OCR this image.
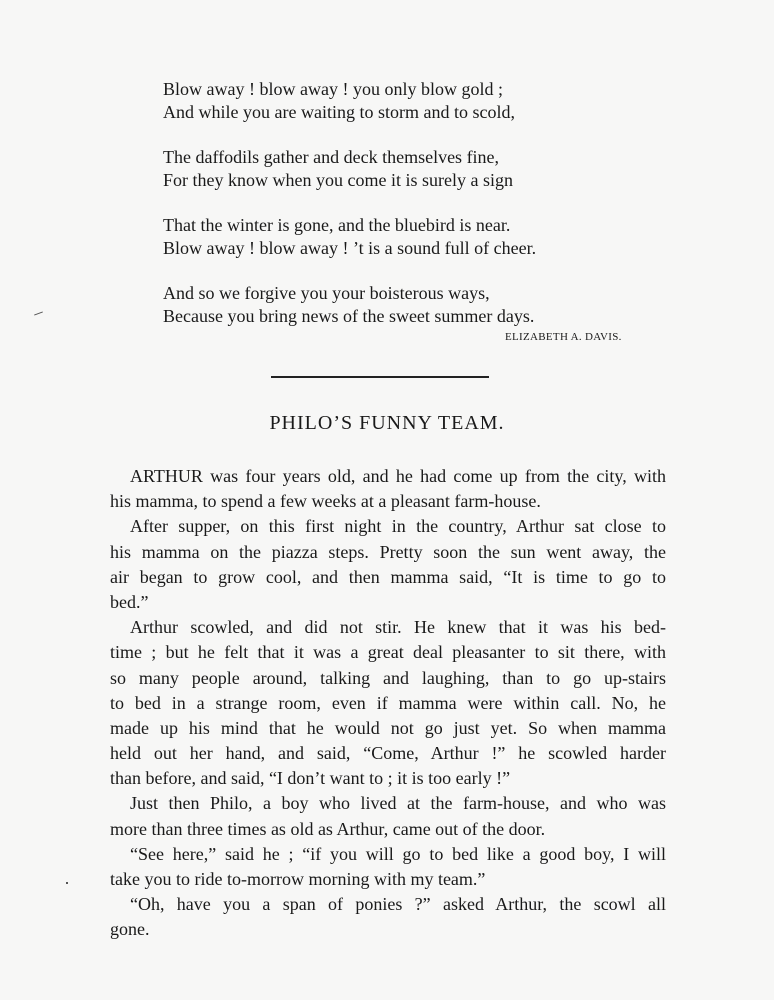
Blow away ! blow away ! you only blow gold ;
And while you are waiting to storm and to scold,
The daffodils gather and deck themselves fine,
For they know when you come it is surely a sign
That the winter is gone, and the bluebird is near.
Blow away ! blow away ! ’t is a sound full of cheer.
And so we forgive you your boisterous ways,
Because you bring news of the sweet summer days.
ELIZABETH A. DAVIS.
PHILO’S FUNNY TEAM.
ARTHUR was four years old, and he had come up from the city, with
his mamma, to spend a few weeks at a pleasant farm-house.
After supper, on this first night in the country, Arthur sat close to
his mamma on the piazza steps. Pretty soon the sun went away, the
air began to grow cool, and then mamma said, “It is time to go to
bed.”
Arthur scowled, and did not stir. He knew that it was his bed-
time ; but he felt that it was a great deal pleasanter to sit there, with
so many people around, talking and laughing, than to go up-stairs
to bed in a strange room, even if mamma were within call. No, he
made up his mind that he would not go just yet. So when mamma
held out her hand, and said, “Come, Arthur !” he scowled harder
than before, and said, “I don’t want to ; it is too early !”
Just then Philo, a boy who lived at the farm-house, and who was
more than three times as old as Arthur, came out of the door.
“See here,” said he ; “if you will go to bed like a good boy, I will
take you to ride to-morrow morning with my team.”
“Oh, have you a span of ponies ?” asked Arthur, the scowl all
gone.
